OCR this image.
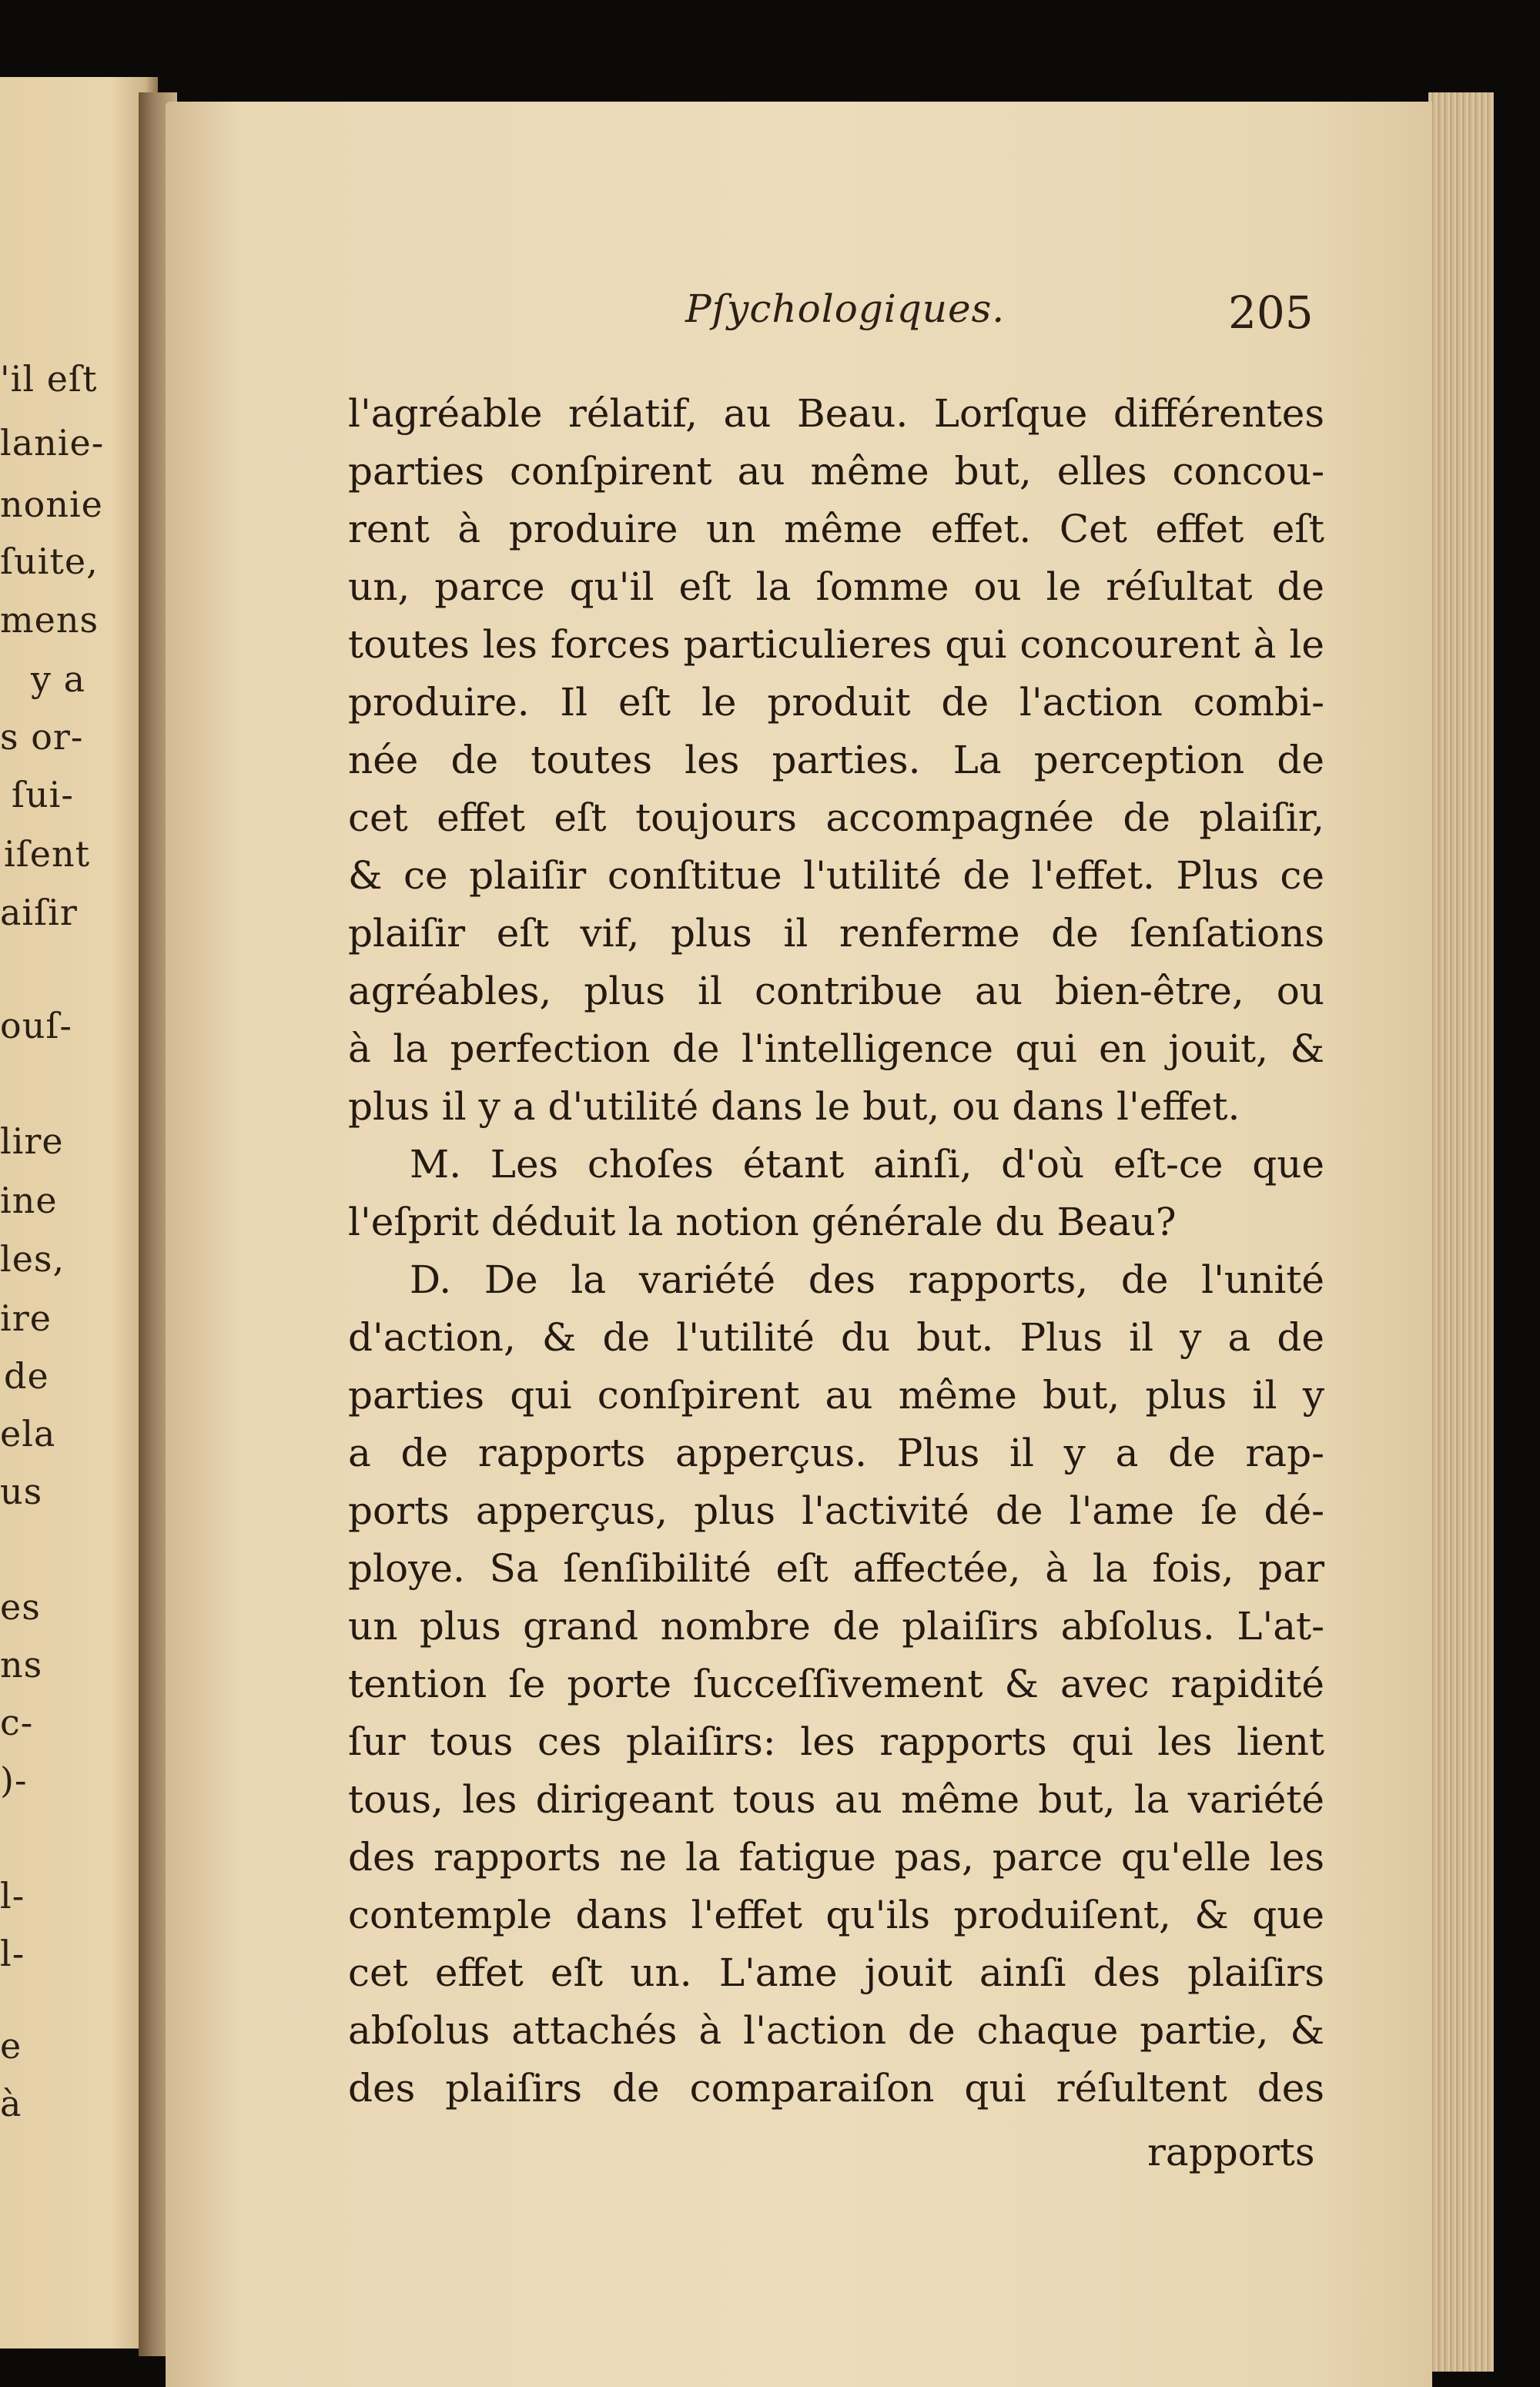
'il eſt
lanie-
nonie
ſuite,
mens
y a
s or-
ſui-
iſent
aiſir
ouſ-
lire
ine
les,
ire
de
ela
us
es
ns
c-
)-
l-
l-
e
à
Pſychologiques.	205
l'agréable rélatif, au Beau. Lorſque différentes
parties conſpirent au même but, elles concou-
rent à produire un même effet. Cet effet eſt
un, parce qu'il eſt la ſomme ou le réſultat de
toutes les forces particulieres qui concourent à le
produire. Il eſt le produit de l'action combi-
née de toutes les parties. La perception de
cet effet eſt toujours accompagnée de plaiſir,
& ce plaiſir conſtitue l'utilité de l'effet. Plus ce
plaiſir eſt vif, plus il renferme de ſenſations
agréables, plus il contribue au bien-être, ou
à la perfection de l'intelligence qui en jouit, &
plus il y a d'utilité dans le but, ou dans l'effet.
M. Les choſes étant ainſi, d'où eſt-ce que
l'eſprit déduit la notion générale du Beau?
D. De la variété des rapports, de l'unité
d'action, & de l'utilité du but. Plus il y a de
parties qui conſpirent au même but, plus il y
a de rapports apperçus. Plus il y a de rap-
ports apperçus, plus l'activité de l'ame ſe dé-
ploye. Sa ſenſibilité eſt affectée, à la fois, par
un plus grand nombre de plaiſirs abſolus. L'at-
tention ſe porte ſucceſſivement & avec rapidité
ſur tous ces plaiſirs: les rapports qui les lient
tous, les dirigeant tous au même but, la variété
des rapports ne la fatigue pas, parce qu'elle les
contemple dans l'effet qu'ils produiſent, & que
cet effet eſt un. L'ame jouit ainſi des plaiſirs
abſolus attachés à l'action de chaque partie, &
des plaiſirs de comparaiſon qui réſultent des
rapports
